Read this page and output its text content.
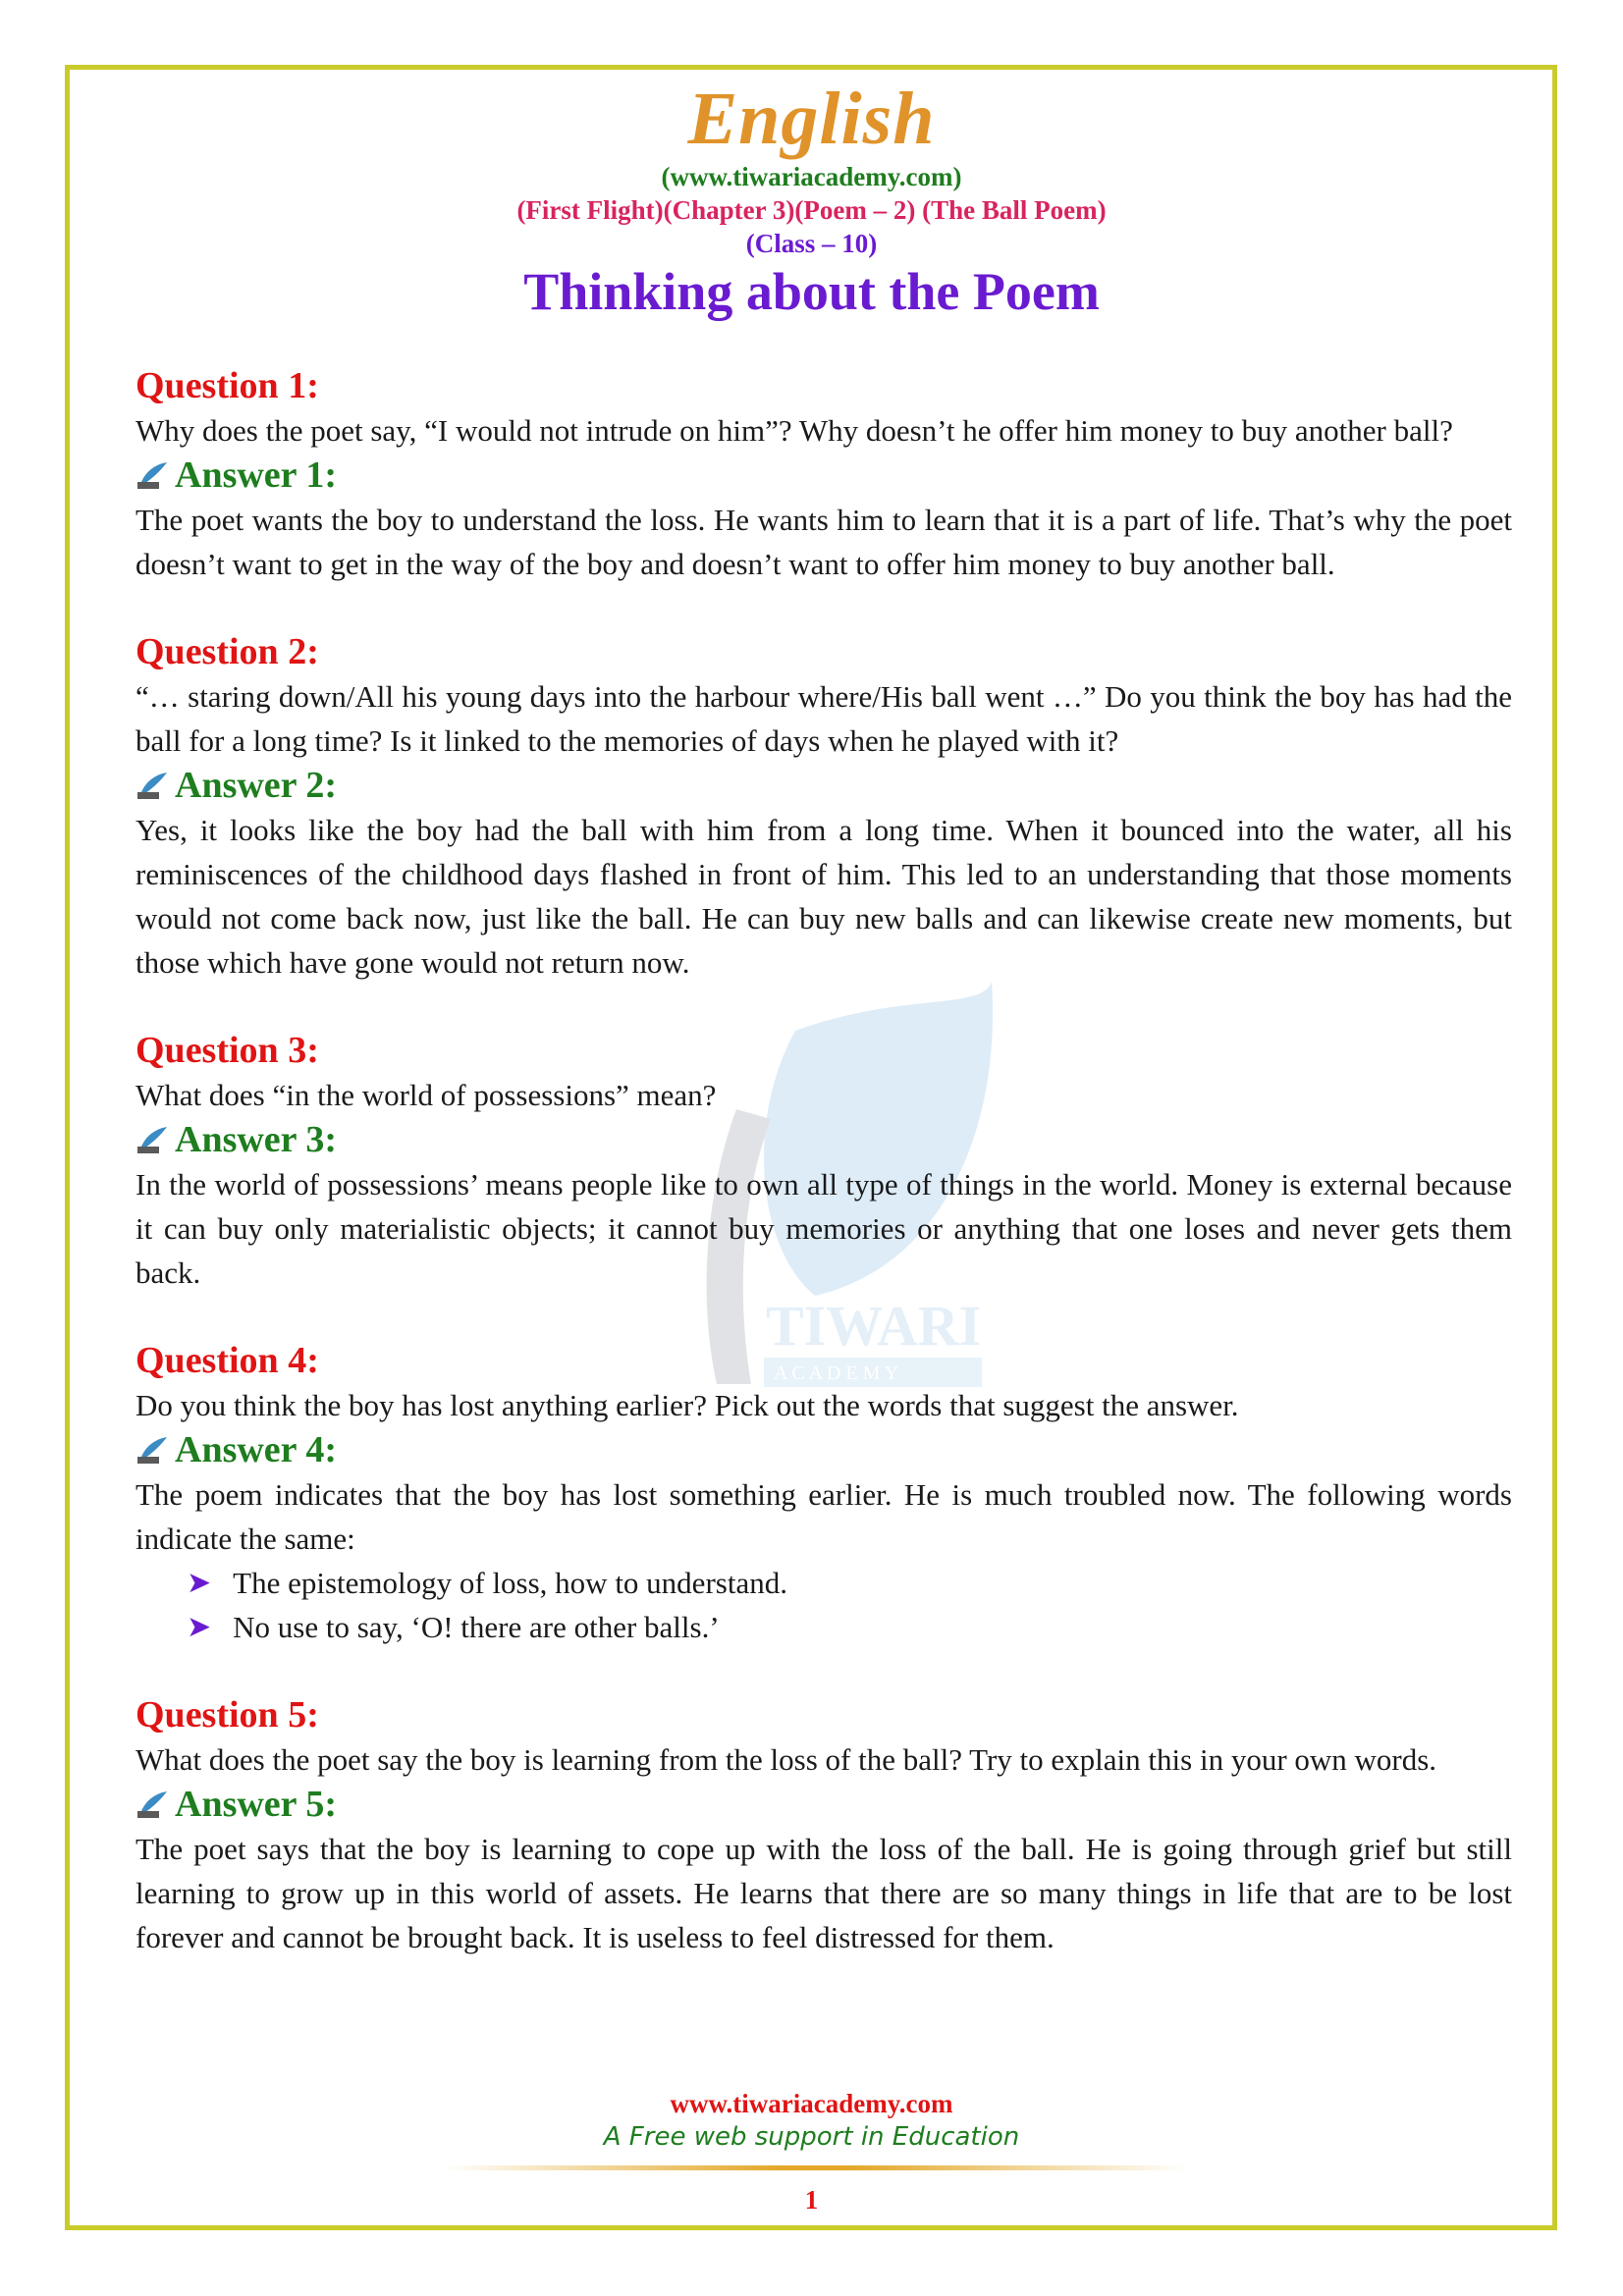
TIWARI
A C A D E M Y
English
(www.tiwariacademy.com)
(First Flight)(Chapter 3)(Poem – 2) (The Ball Poem)
(Class – 10)
Thinking about the Poem
Question 1:
Why does the poet say, “I would not intrude on him”? Why doesn’t he offer him money to buy another ball?
Answer 1:
The poet wants the boy to understand the loss. He wants him to learn that it is a part of life. That’s why the poet doesn’t want to get in the way of the boy and doesn’t want to offer him money to buy another ball.
Question 2:
“… staring down/All his young days into the harbour where/His ball went …” Do you think the boy has had the ball for a long time? Is it linked to the memories of days when he played with it?
Answer 2:
Yes, it looks like the boy had the ball with him from a long time. When it bounced into the water, all his reminiscences of the childhood days flashed in front of him. This led to an understanding that those moments would not come back now, just like the ball. He can buy new balls and can likewise create new moments, but those which have gone would not return now.
Question 3:
What does “in the world of possessions” mean?
Answer 3:
In the world of possessions’ means people like to own all type of things in the world. Money is external because it can buy only materialistic objects; it cannot buy memories or anything that one loses and never gets them back.
Question 4:
Do you think the boy has lost anything earlier? Pick out the words that suggest the answer.
Answer 4:
The poem indicates that the boy has lost something earlier. He is much troubled now. The following words indicate the same:
➤ The epistemology of loss, how to understand.
➤ No use to say, ‘O! there are other balls.’
Question 5:
What does the poet say the boy is learning from the loss of the ball? Try to explain this in your own words.
Answer 5:
The poet says that the boy is learning to cope up with the loss of the ball. He is going through grief but still learning to grow up in this world of assets. He learns that there are so many things in life that are to be lost forever and cannot be brought back. It is useless to feel distressed for them.
www.tiwariacademy.com
A Free web support in Education
1
